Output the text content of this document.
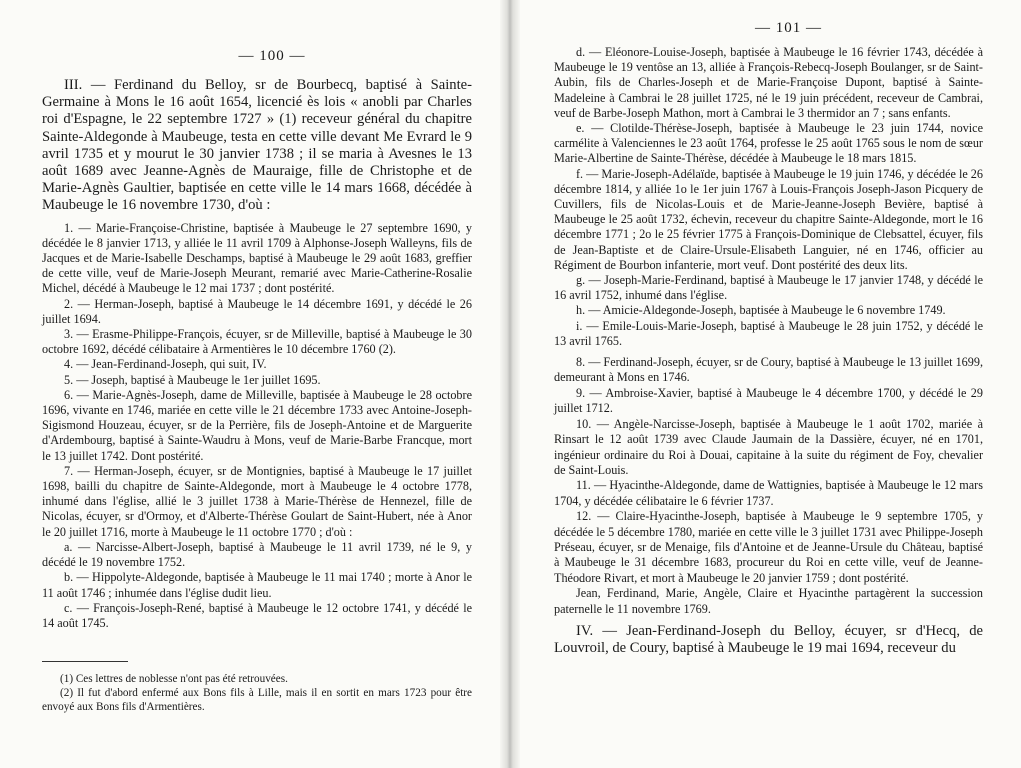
— 100 —

III. — Ferdinand du Belloy, sr de Bourbecq, baptisé à Sainte-Germaine à Mons le 16 août 1654, licencié ès lois « anobli par Charles roi d'Espagne, le 22 septembre 1727 » (1) receveur général du chapitre Sainte-Aldegonde à Maubeuge, testa en cette ville devant Me Evrard le 9 avril 1735 et y mourut le 30 janvier 1738 ; il se maria à Avesnes le 13 août 1689 avec Jeanne-Agnès de Mauraige, fille de Christophe et de Marie-Agnès Gaultier, baptisée en cette ville le 14 mars 1668, décédée à Maubeuge le 16 novembre 1730, d'où :

1. — Marie-Françoise-Christine, baptisée à Maubeuge le 27 septembre 1690, y décédée le 8 janvier 1713, y alliée le 11 avril 1709 à Alphonse-Joseph Walleyns, fils de Jacques et de Marie-Isabelle Deschamps, baptisé à Maubeuge le 29 août 1683, greffier de cette ville, veuf de Marie-Joseph Meurant, remarié avec Marie-Catherine-Rosalie Michel, décédé à Maubeuge le 12 mai 1737 ; dont postérité.

2. — Herman-Joseph, baptisé à Maubeuge le 14 décembre 1691, y décédé le 26 juillet 1694.

3. — Erasme-Philippe-François, écuyer, sr de Milleville, baptisé à Maubeuge le 30 octobre 1692, décédé célibataire à Armentières le 10 décembre 1760 (2).

4. — Jean-Ferdinand-Joseph, qui suit, IV.

5. — Joseph, baptisé à Maubeuge le 1er juillet 1695.

6. — Marie-Agnès-Joseph, dame de Milleville, baptisée à Maubeuge le 28 octobre 1696, vivante en 1746, mariée en cette ville le 21 décembre 1733 avec Antoine-Joseph-Sigismond Houzeau, écuyer, sr de la Perrière, fils de Joseph-Antoine et de Marguerite d'Ardembourg, baptisé à Sainte-Waudru à Mons, veuf de Marie-Barbe Francque, mort le 13 juillet 1742. Dont postérité.

7. — Herman-Joseph, écuyer, sr de Montignies, baptisé à Maubeuge le 17 juillet 1698, bailli du chapitre de Sainte-Aldegonde, mort à Maubeuge le 4 octobre 1778, inhumé dans l'église, allié le 3 juillet 1738 à Marie-Thérèse de Hennezel, fille de Nicolas, écuyer, sr d'Ormoy, et d'Alberte-Thérèse Goulart de Saint-Hubert, née à Anor le 20 juillet 1716, morte à Maubeuge le 11 octobre 1770 ; d'où :

a. — Narcisse-Albert-Joseph, baptisé à Maubeuge le 11 avril 1739, né le 9, y décédé le 19 novembre 1752.

b. — Hippolyte-Aldegonde, baptisée à Maubeuge le 11 mai 1740 ; morte à Anor le 11 août 1746 ; inhumée dans l'église dudit lieu.

c. — François-Joseph-René, baptisé à Maubeuge le 12 octobre 1741, y décédé le 14 août 1745.

(1) Ces lettres de noblesse n'ont pas été retrouvées.

(2) Il fut d'abord enfermé aux Bons fils à Lille, mais il en sortit en mars 1723 pour être envoyé aux Bons fils d'Armentières.

— 101 —

d. — Eléonore-Louise-Joseph, baptisée à Maubeuge le 16 février 1743, décédée à Maubeuge le 19 ventôse an 13, alliée à François-Rebecq-Joseph Boulanger, sr de Saint-Aubin, fils de Charles-Joseph et de Marie-Françoise Dupont, baptisé à Sainte-Madeleine à Cambrai le 28 juillet 1725, né le 19 juin précédent, receveur de Cambrai, veuf de Barbe-Joseph Mathon, mort à Cambrai le 3 thermidor an 7 ; sans enfants.

e. — Clotilde-Thérèse-Joseph, baptisée à Maubeuge le 23 juin 1744, novice carmélite à Valenciennes le 23 août 1764, professe le 25 août 1765 sous le nom de sœur Marie-Albertine de Sainte-Thérèse, décédée à Maubeuge le 18 mars 1815.

f. — Marie-Joseph-Adélaïde, baptisée à Maubeuge le 19 juin 1746, y décédée le 26 décembre 1814, y alliée 1o le 1er juin 1767 à Louis-François Joseph-Jason Picquery de Cuvillers, fils de Nicolas-Louis et de Marie-Jeanne-Joseph Bevière, baptisé à Maubeuge le 25 août 1732, échevin, receveur du chapitre Sainte-Aldegonde, mort le 16 décembre 1771 ; 2o le 25 février 1775 à François-Dominique de Clebsattel, écuyer, fils de Jean-Baptiste et de Claire-Ursule-Elisabeth Languier, né en 1746, officier au Régiment de Bourbon infanterie, mort veuf. Dont postérité des deux lits.

g. — Joseph-Marie-Ferdinand, baptisé à Maubeuge le 17 janvier 1748, y décédé le 16 avril 1752, inhumé dans l'église.

h. — Amicie-Aldegonde-Joseph, baptisée à Maubeuge le 6 novembre 1749.

i. — Emile-Louis-Marie-Joseph, baptisé à Maubeuge le 28 juin 1752, y décédé le 13 avril 1765.

8. — Ferdinand-Joseph, écuyer, sr de Coury, baptisé à Maubeuge le 13 juillet 1699, demeurant à Mons en 1746.

9. — Ambroise-Xavier, baptisé à Maubeuge le 4 décembre 1700, y décédé le 29 juillet 1712.

10. — Angèle-Narcisse-Joseph, baptisée à Maubeuge le 1 août 1702, mariée à Rinsart le 12 août 1739 avec Claude Jaumain de la Dassière, écuyer, né en 1701, ingénieur ordinaire du Roi à Douai, capitaine à la suite du régiment de Foy, chevalier de Saint-Louis.

11. — Hyacinthe-Aldegonde, dame de Wattignies, baptisée à Maubeuge le 12 mars 1704, y décédée célibataire le 6 février 1737.

12. — Claire-Hyacinthe-Joseph, baptisée à Maubeuge le 9 septembre 1705, y décédée le 5 décembre 1780, mariée en cette ville le 3 juillet 1731 avec Philippe-Joseph Préseau, écuyer, sr de Menaige, fils d'Antoine et de Jeanne-Ursule du Château, baptisé à Maubeuge le 31 décembre 1683, procureur du Roi en cette ville, veuf de Jeanne-Théodore Rivart, et mort à Maubeuge le 20 janvier 1759 ; dont postérité.

Jean, Ferdinand, Marie, Angèle, Claire et Hyacinthe partagèrent la succession paternelle le 11 novembre 1769.

IV. — Jean-Ferdinand-Joseph du Belloy, écuyer, sr d'Hecq, de Louvroil, de Coury, baptisé à Maubeuge le 19 mai 1694, receveur du
